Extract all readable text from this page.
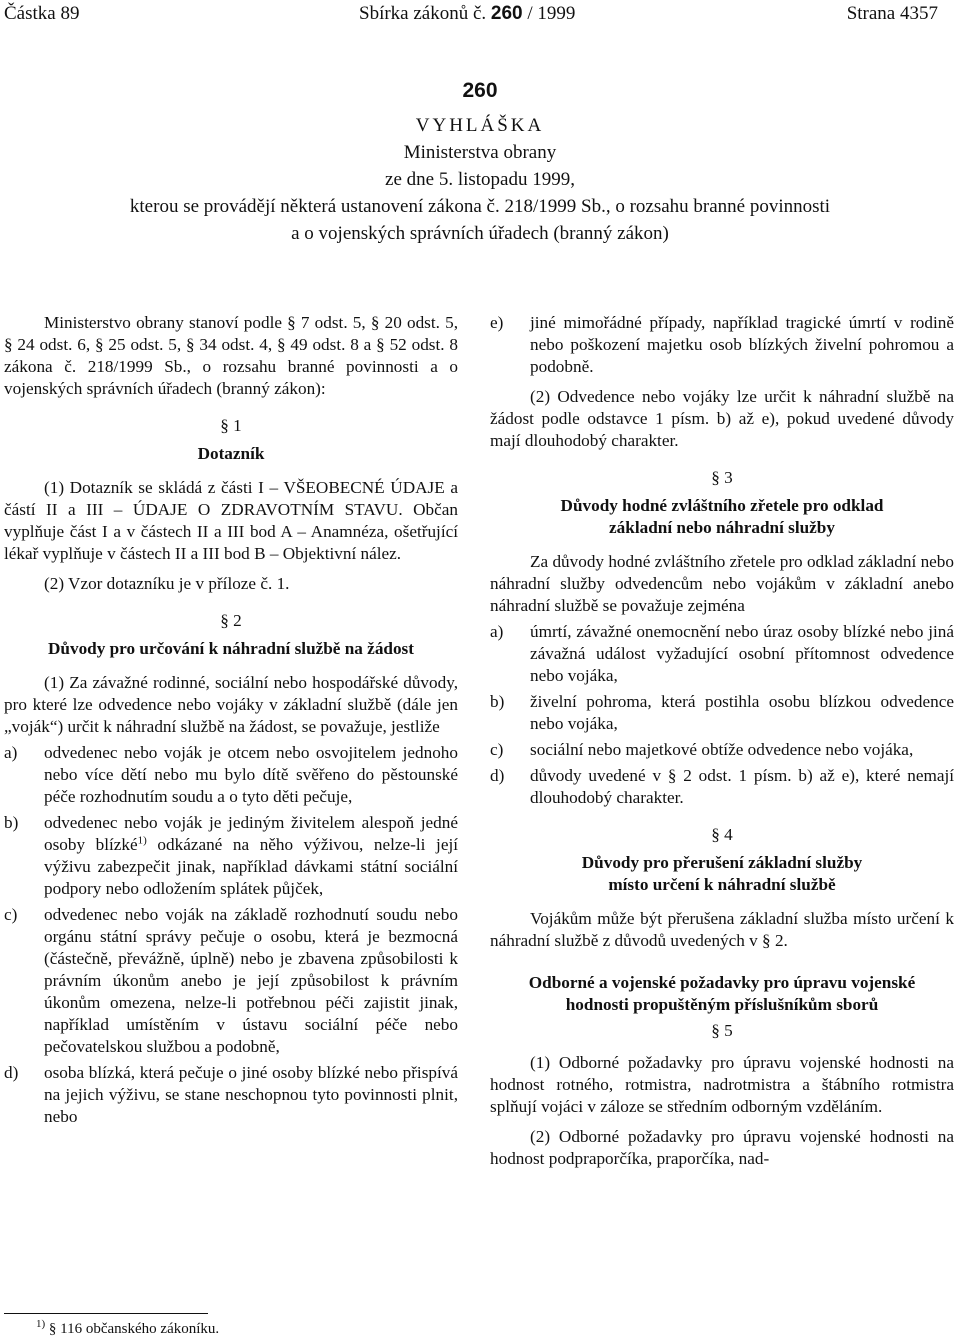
Částka 89	Sbírka zákonů č. 260 / 1999	Strana 4357
260
VYHLÁŠKA
Ministerstva obrany
ze dne 5. listopadu 1999,
kterou se provádějí některá ustanovení zákona č. 218/1999 Sb., o rozsahu branné povinnosti
a o vojenských správních úřadech (branný zákon)

Ministerstvo obrany stanoví podle § 7 odst. 5, § 20 odst. 5, § 24 odst. 6, § 25 odst. 5, § 34 odst. 4, § 49 odst. 8 a § 52 odst. 8 zákona č. 218/1999 Sb., o rozsahu branné povinnosti a o vojenských správních úřadech (branný zákon):

§ 1
Dotazník

(1) Dotazník se skládá z části I – VŠEOBECNÉ ÚDAJE a částí II a III – ÚDAJE O ZDRAVOTNÍM STAVU. Občan vyplňuje část I a v částech II a III bod A – Anamnéza, ošetřující lékař vyplňuje v částech II a III bod B – Objektivní nález.

(2) Vzor dotazníku je v příloze č. 1.

§ 2
Důvody pro určování k náhradní službě na žádost

(1) Za závažné rodinné, sociální nebo hospodářské důvody, pro které lze odvedence nebo vojáky v základní službě (dále jen „voják“) určit k náhradní službě na žádost, se považuje, jestliže

a)	odvedenec nebo voják je otcem nebo osvojitelem jednoho nebo více dětí nebo mu bylo dítě svěřeno do pěstounské péče rozhodnutím soudu a o tyto děti pečuje,
b)	odvedenec nebo voják je jediným živitelem alespoň jedné osoby blízké$^{1)}$ odkázané na něho výživou, nelze-li její výživu zabezpečit jinak, například dávkami státní sociální podpory nebo odložením splátek půjček,
c)	odvedenec nebo voják na základě rozhodnutí soudu nebo orgánu státní správy pečuje o osobu, která je bezmocná (částečně, převážně, úplně) nebo je zbavena způsobilosti k právním úkonům anebo je její způsobilost k právním úkonům omezena, nelze-li potřebnou péči zajistit jinak, například umístěním v ústavu sociální péče nebo pečovatelskou službou a podobně,
d)	osoba blízká, která pečuje o jiné osoby blízké nebo přispívá na jejich výživu, se stane neschopnou tyto povinnosti plnit, nebo
e)	jiné mimořádné případy, například tragické úmrtí v rodině nebo poškození majetku osob blízkých živelní pohromou a podobně.

(2) Odvedence nebo vojáky lze určit k náhradní službě na žádost podle odstavce 1 písm. b) až e), pokud uvedené důvody mají dlouhodobý charakter.

§ 3
Důvody hodné zvláštního zřetele pro odklad
základní nebo náhradní služby

Za důvody hodné zvláštního zřetele pro odklad základní nebo náhradní služby odvedencům nebo vojákům v základní anebo náhradní službě se považuje zejména

a)	úmrtí, závažné onemocnění nebo úraz osoby blízké nebo jiná závažná událost vyžadující osobní přítomnost odvedence nebo vojáka,
b)	živelní pohroma, která postihla osobu blízkou odvedence nebo vojáka,
c)	sociální nebo majetkové obtíže odvedence nebo vojáka,
d)	důvody uvedené v § 2 odst. 1 písm. b) až e), které nemají dlouhodobý charakter.
§ 4
Důvody pro přerušení základní služby
místo určení k náhradní službě

Vojákům může být přerušena základní služba místo určení k náhradní službě z důvodů uvedených v § 2.

Odborné a vojenské požadavky pro úpravu vojenské
hodnosti propuštěným příslušníkům sborů
§ 5

(1) Odborné požadavky pro úpravu vojenské hodnosti na hodnost rotného, rotmistra, nadrotmistra a štábního rotmistra splňují vojáci v záloze se středním odborným vzděláním.

(2) Odborné požadavky pro úpravu vojenské hodnosti na hodnost podpraporčíka, praporčíka, nad-

$^{1)}$ § 116 občanského zákoníku.
